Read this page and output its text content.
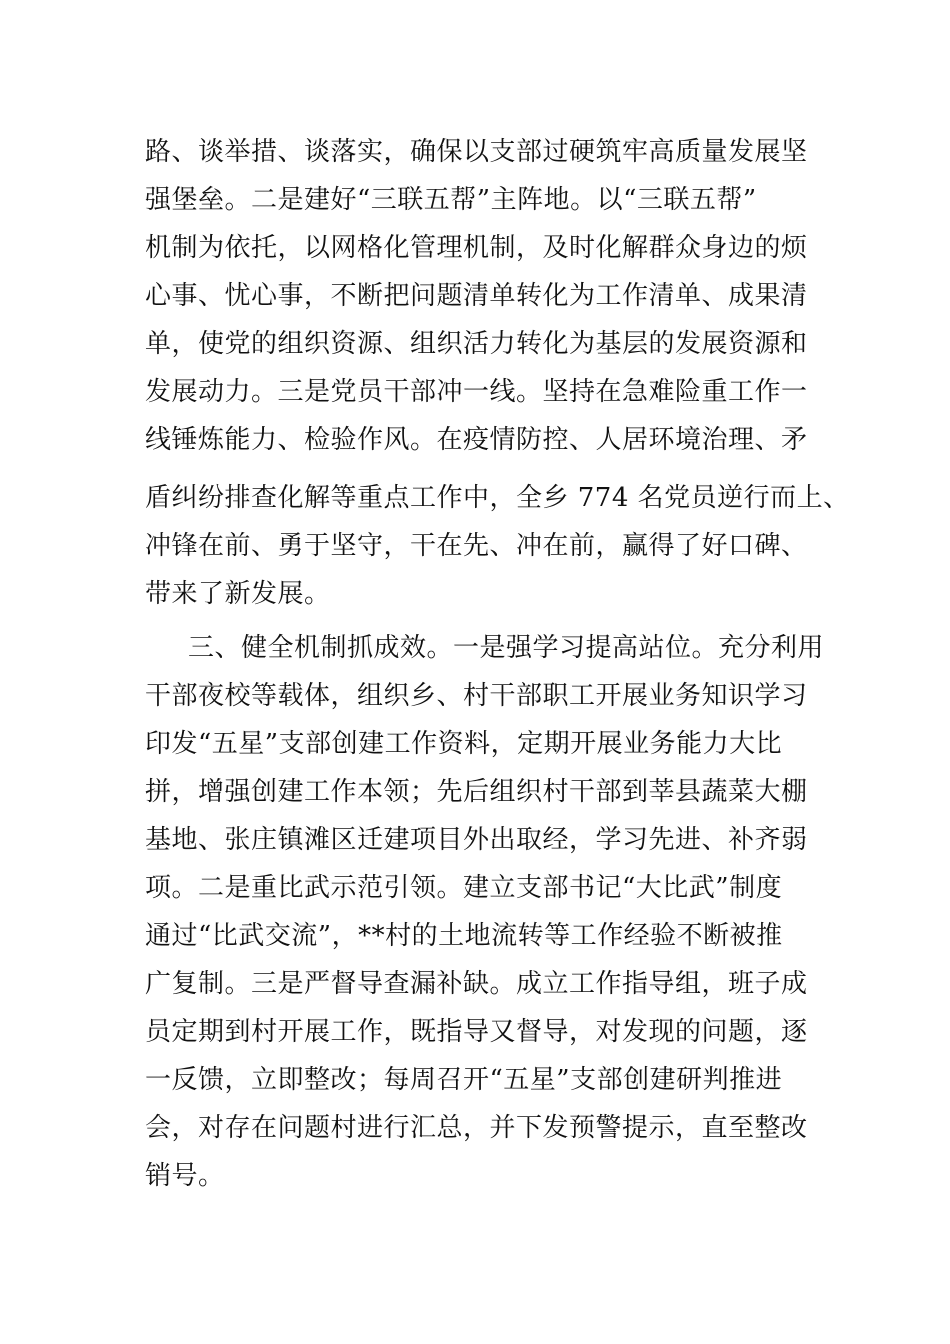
路、谈举措、谈落实，确保以支部过硬筑牢高质量发展坚
强堡垒。二是建好“三联五帮”主阵地。以“三联五帮”
机制为依托，以网格化管理机制，及时化解群众身边的烦
心事、忧心事，不断把问题清单转化为工作清单、成果清
单，使党的组织资源、组织活力转化为基层的发展资源和
发展动力。三是党员干部冲一线。坚持在急难险重工作一
线锤炼能力、检验作风。在疫情防控、人居环境治理、矛
盾纠纷排查化解等重点工作中，全乡 774 名党员逆行而上、
冲锋在前、勇于坚守，干在先、冲在前，赢得了好口碑、
带来了新发展。
三、健全机制抓成效。一是强学习提高站位。充分利用
干部夜校等载体，组织乡、村干部职工开展业务知识学习
印发“五星”支部创建工作资料，定期开展业务能力大比
拼，增强创建工作本领；先后组织村干部到莘县蔬菜大棚
基地、张庄镇滩区迁建项目外出取经，学习先进、补齐弱
项。二是重比武示范引领。建立支部书记“大比武”制度
通过“比武交流”，**村的土地流转等工作经验不断被推
广复制。三是严督导查漏补缺。成立工作指导组，班子成
员定期到村开展工作，既指导又督导，对发现的问题，逐
一反馈，立即整改；每周召开“五星”支部创建研判推进
会，对存在问题村进行汇总，并下发预警提示，直至整改
销号。
